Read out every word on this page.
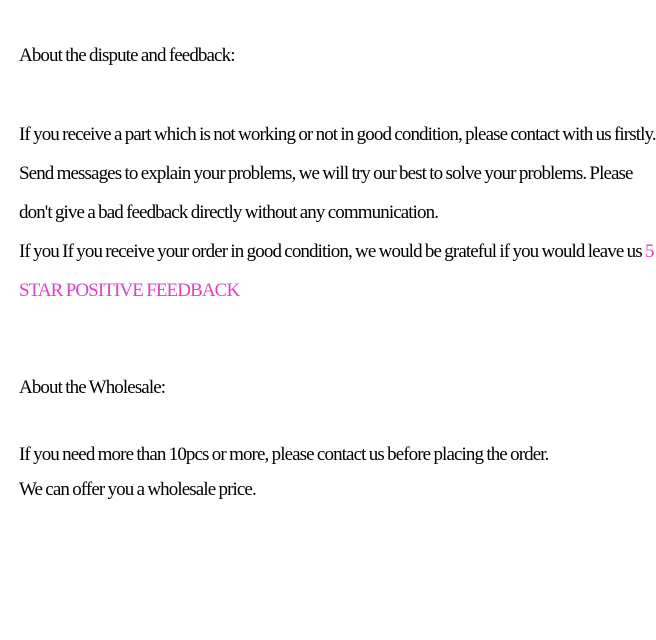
About the dispute and feedback:
If you receive a part which is not working or not in good condition, please contact with us firstly.
Send messages to explain your problems, we will try our best to solve your problems. Please
don't give a bad feedback directly without any communication.
If you If you receive your order in good condition, we would be grateful if you would leave us 5
STAR POSITIVE FEEDBACK
About the Wholesale:
If you need more than 10pcs or more, please contact us before placing the order.
We can offer you a wholesale price.
